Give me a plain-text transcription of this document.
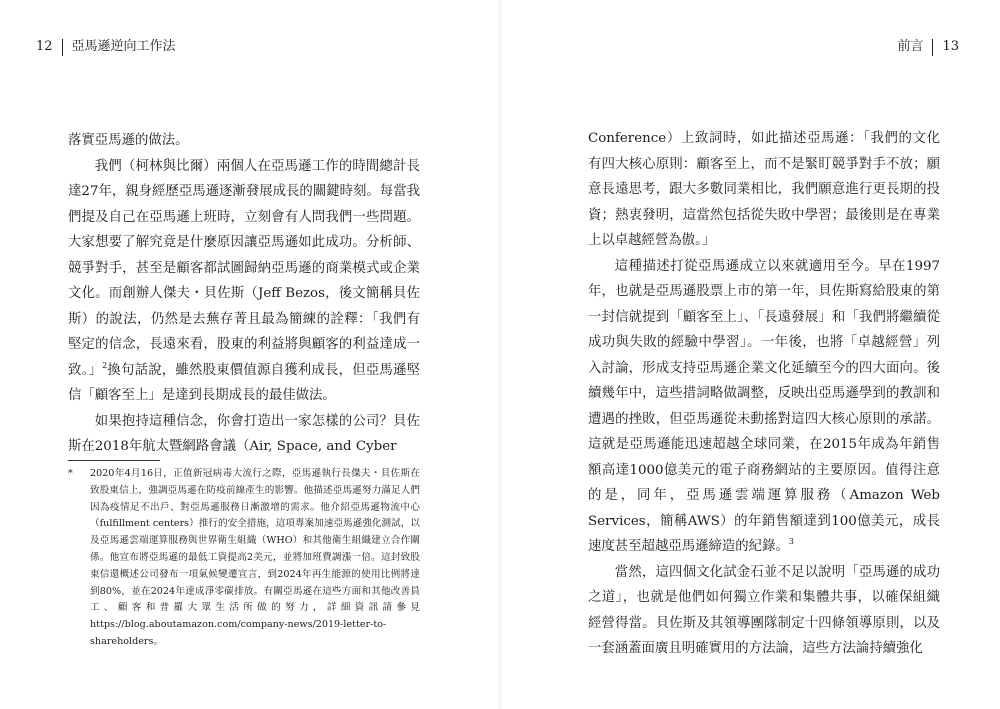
12 亞馬遜逆向工作法	前言 13

落實亞馬遜的做法。

我們（柯林與比爾）兩個人在亞馬遜工作的時間總計長達27年，親身經歷亞馬遜逐漸發展成長的關鍵時刻。每當我們提及自己在亞馬遜上班時，立刻會有人問我們一些問題。大家想要了解究竟是什麼原因讓亞馬遜如此成功。分析師、競爭對手，甚至是顧客都試圖歸納亞馬遜的商業模式或企業文化。而創辦人傑夫・貝佐斯（Jeff Bezos，後文簡稱貝佐斯）的說法，仍然是去蕪存菁且最為簡練的詮釋：「我們有堅定的信念，長遠來看，股東的利益將與顧客的利益達成一致。」$^2$換句話說，雖然股東價值源自獲利成長，但亞馬遜堅信「顧客至上」是達到長期成長的最佳做法。

如果抱持這種信念，你會打造出一家怎樣的公司？貝佐斯在2018年航太暨網路會議（Air, Space, and Cyber

*	2020年4月16日，正值新冠病毒大流行之際，亞馬遜執行長傑夫・貝佐斯在致股東信上，強調亞馬遜在防疫前線產生的影響。他描述亞馬遜努力滿足人們因為疫情足不出戶、對亞馬遜服務日漸激增的需求。他介紹亞馬遜物流中心（fulfillment centers）推行的安全措施，這項專案加速亞馬遜強化測試，以及亞馬遜雲端運算服務與世界衛生組織（WHO）和其他衛生組織建立合作關係。他宣布將亞馬遜的最低工資提高2美元，並將加班費調漲一倍。這封致股東信還概述公司發布一項氣候變遷宣言，到2024年再生能源的使用比例將達到80%，並在2024年達成淨零碳排放。有關亞馬遜在這些方面和其他改善員工、顧客和普羅大眾生活所做的努力，詳細資訊請參見https://blog.aboutamazon.com/company-news/2019-letter-to-shareholders。

Conference）上致詞時，如此描述亞馬遜：「我們的文化有四大核心原則：顧客至上，而不是緊盯競爭對手不放；願意長遠思考，跟大多數同業相比，我們願意進行更長期的投資；熱衷發明，這當然包括從失敗中學習；最後則是在專業上以卓越經營為傲。」

這種描述打從亞馬遜成立以來就適用至今。早在1997年，也就是亞馬遜股票上市的第一年，貝佐斯寫給股東的第一封信就提到「顧客至上」、「長遠發展」和「我們將繼續從成功與失敗的經驗中學習」。一年後，也將「卓越經營」列入討論，形成支持亞馬遜企業文化延續至今的四大面向。後續幾年中，這些措詞略做調整，反映出亞馬遜學到的教訓和遭遇的挫敗，但亞馬遜從未動搖對這四大核心原則的承諾。這就是亞馬遜能迅速超越全球同業，在2015年成為年銷售額高達1000億美元的電子商務網站的主要原因。值得注意的是，同年，亞馬遜雲端運算服務（Amazon Web Services，簡稱AWS）的年銷售額達到100億美元，成長速度甚至超越亞馬遜締造的紀錄。$^3$

當然，這四個文化試金石並不足以說明「亞馬遜的成功之道」，也就是他們如何獨立作業和集體共事，以確保組織經營得當。貝佐斯及其領導團隊制定十四條領導原則，以及一套涵蓋面廣且明確實用的方法論，這些方法論持續強化
